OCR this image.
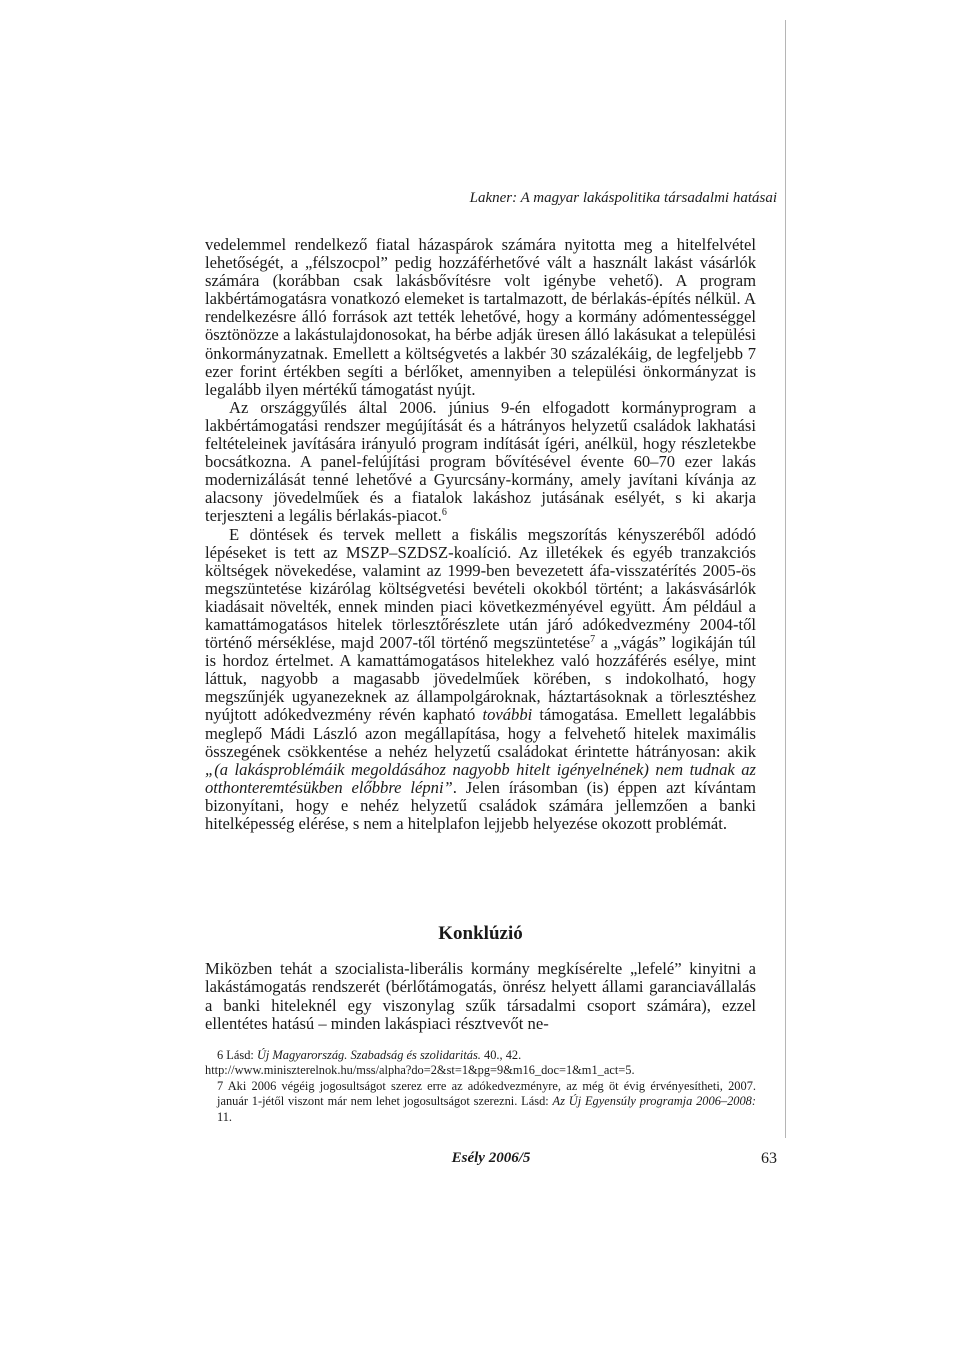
Lakner: A magyar lakáspolitika társadalmi hatásai

vedelemmel rendelkező fiatal házaspárok számára nyitotta meg a hitelfelvétel lehetőségét, a „félszocpol” pedig hozzáférhetővé vált a használt lakást vásárlók számára (korábban csak lakásbővítésre volt igénybe vehető). A program lakbértámogatásra vonatkozó elemeket is tartalmazott, de bérlakás-építés nélkül. A rendelkezésre álló források azt tették lehetővé, hogy a kormány adómentességgel ösztönözze a lakástulajdonosokat, ha bérbe adják üresen álló lakásukat a települési önkormányzatnak. Emellett a költségvetés a lakbér 30 százalékáig, de legfeljebb 7 ezer forint értékben segíti a bérlőket, amennyiben a települési önkormányzat is legalább ilyen mértékű támogatást nyújt.

Az országgyűlés által 2006. június 9-én elfogadott kormányprogram a lakbértámogatási rendszer megújítását és a hátrányos helyzetű családok lakhatási feltételeinek javítására irányuló program indítását ígéri, anélkül, hogy részletekbe bocsátkozna. A panel-felújítási program bővítésével évente 60–70 ezer lakás modernizálását tenné lehetővé a Gyurcsány-kormány, amely javítani kívánja az alacsony jövedelműek és a fiatalok lakáshoz jutásának esélyét, s ki akarja terjeszteni a legális bérlakás-piacot.$^6$

E döntések és tervek mellett a fiskális megszorítás kényszeréből adódó lépéseket is tett az MSZP–SZDSZ-koalíció. Az illetékek és egyéb tranzakciós költségek növekedése, valamint az 1999-ben bevezetett áfa-visszatérítés 2005-ös megszüntetése kizárólag költségvetési bevételi okokból történt; a lakásvásárlók kiadásait növelték, ennek minden piaci következményével együtt. Ám például a kamattámogatásos hitelek törlesztőrészlete után járó adókedvezmény 2004-től történő mérséklése, majd 2007-től történő megszüntetése$^7$ a „vágás” logikáján túl is hordoz értelmet. A kamattámogatásos hitelekhez való hozzáférés esélye, mint láttuk, nagyobb a magasabb jövedelműek körében, s indokolható, hogy megszűnjék ugyanezeknek az állampolgároknak, háztartásoknak a törlesztéshez nyújtott adókedvezmény révén kapható további támogatása. Emellett legalábbis meglepő Mádi László azon megállapítása, hogy a felvehető hitelek maximális összegének csökkentése a nehéz helyzetű családokat érintette hátrányosan: akik „(a lakásproblémáik megoldásához nagyobb hitelt igényelnének) nem tudnak az otthonteremtésükben előbbre lépni”. Jelen írásomban (is) éppen azt kívántam bizonyítani, hogy e nehéz helyzetű családok számára jellemzően a banki hitelképesség elérése, s nem a hitelplafon lejjebb helyezése okozott problémát.

Konklúzió

Miközben tehát a szocialista-liberális kormány megkísérelte „lefelé” kinyitni a lakástámogatás rendszerét (bérlőtámogatás, önrész helyett állami garanciavállalás a banki hiteleknél egy viszonylag szűk társadalmi csoport számára), ezzel ellentétes hatású – minden lakáspiaci résztvevőt ne-

6 Lásd: Új Magyarország. Szabadság és szolidaritás. 40., 42.

http://www.miniszterelnok.hu/mss/alpha?do=2&st=1&pg=9&m16_doc=1&m1_act=5.

7 Aki 2006 végéig jogosultságot szerez erre az adókedvezményre, az még öt évig érvényesítheti, 2007. január 1-jétől viszont már nem lehet jogosultságot szerezni. Lásd: Az Új Egyensúly programja 2006–2008: 11.

Esély 2006/5	63
